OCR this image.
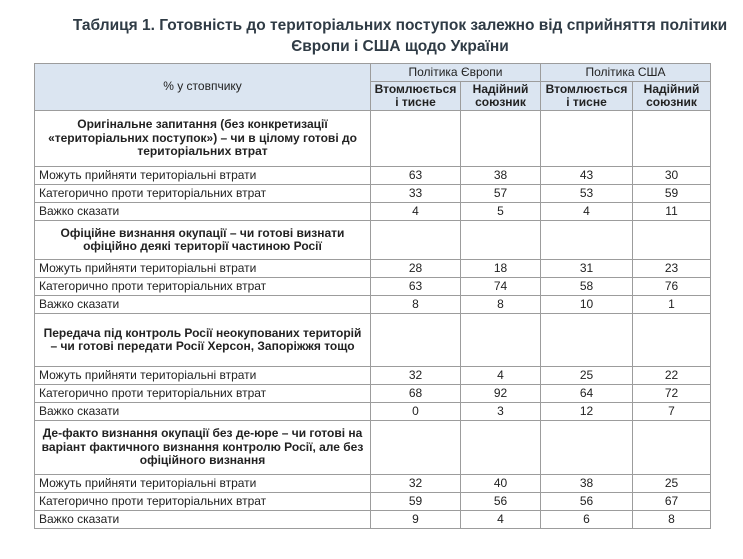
Таблиця 1. Готовність до територіальних поступок залежно від сприйняття політики
Європи і США щодо України
% у стовпчику	Політика Європи		Політика США	
	Втомлюється і тисне	Надійний союзник	Втомлюється і тисне	Надійний союзник
Оригінальне запитання (без конкретизації «територіальних поступок») – чи в цілому готові до територіальних втрат				
Можуть прийняти територіальні втрати	63	38	43	30
Категорично проти територіальних втрат	33	57	53	59
Важко сказати	4	5	4	11
Офіційне визнання окупації – чи готові визнати офіційно деякі території частиною Росії				
Можуть прийняти територіальні втрати	28	18	31	23
Категорично проти територіальних втрат	63	74	58	76
Важко сказати	8	8	10	1
Передача під контроль Росії неокупованих територій – чи готові передати Росії Херсон, Запоріжжя тощо				
Можуть прийняти територіальні втрати	32	4	25	22
Категорично проти територіальних втрат	68	92	64	72
Важко сказати	0	3	12	7
Де-факто визнання окупації без де-юре – чи готові на варіант фактичного визнання контролю Росії, але без офіційного визнання				
Можуть прийняти територіальні втрати	32	40	38	25
Категорично проти територіальних втрат	59	56	56	67
Важко сказати	9	4	6	8
